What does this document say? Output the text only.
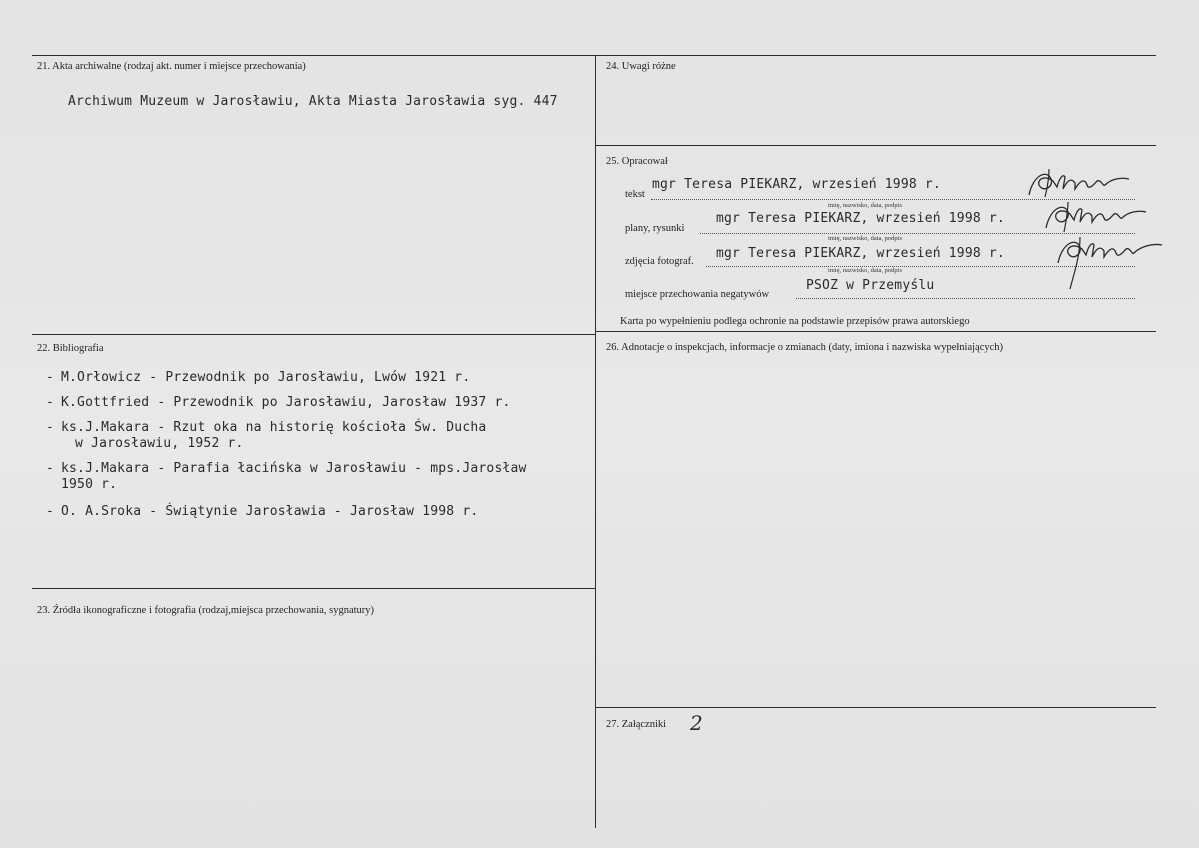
21. Akta archiwalne (rodzaj akt. numer i miejsce przechowania)
Archiwum Muzeum w Jarosławiu, Akta Miasta Jarosławia syg. 447
24. Uwagi różne
25. Opracował
tekst
mgr Teresa PIEKARZ, wrzesień 1998 r.
imię, nazwisko, data, podpis
plany, rysunki
mgr Teresa PIEKARZ, wrzesień 1998 r.
imię, nazwisko, data, podpis
zdjęcia fotograf.
mgr Teresa PIEKARZ, wrzesień 1998 r.
imię, nazwisko, data, podpis
miejsce przechowania negatywów
PSOZ w Przemyślu
Karta po wypełnieniu podlega ochronie na podstawie przepisów prawa autorskiego
22. Bibliografia
- M.Orłowicz - Przewodnik po Jarosławiu, Lwów 1921 r.
- K.Gottfried - Przewodnik po Jarosławiu, Jarosław 1937 r.
- ks.J.Makara - Rzut oka na historię kościoła Św. Ducha
w Jarosławiu, 1952 r.
- ks.J.Makara - Parafia łacińska w Jarosławiu - mps.Jarosław
1950 r.
- O. A.Sroka - Świątynie Jarosławia - Jarosław 1998 r.
23. Źródła ikonograficzne i fotografia (rodzaj,miejsca przechowania, sygnatury)
26. Adnotacje o inspekcjach, informacje o zmianach (daty, imiona i nazwiska wypełniających)
27. Załączniki 2
